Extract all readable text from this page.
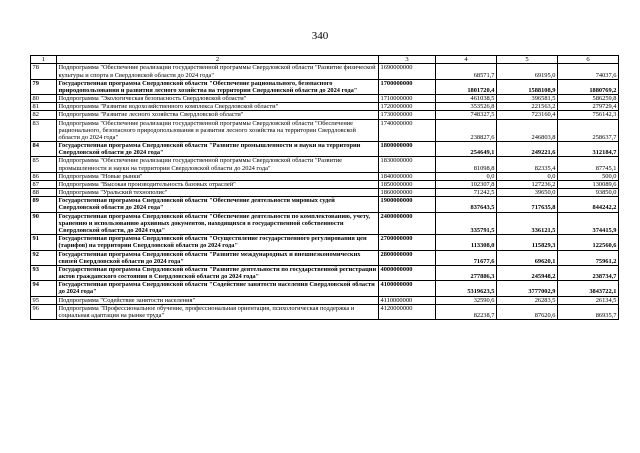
340
1	2	3	4	5	6
78	Подпрограмма "Обеспечение реализации государственной программы Свердловской области "Развитие физической культуры и спорта в Свердловской области до 2024 года"	1690000000	68571,7	69195,0	74037,6
79	Государственная программа Свердловской области "Обеспечение рационального, безопасного природопользования и развития лесного хозяйства на территории Свердловской области до 2024 года"	1700000000	1801720,4	1588108,9	1880769,2
80	Подпрограмма "Экологическая безопасность Свердловской области"	1710000000	461038,5	396581,5	586259,8
81	Подпрограмма "Развитие водохозяйственного комплекса Свердловской области"	1720000000	353526,8	221563,2	279729,4
82	Подпрограмма "Развитие лесного хозяйства Свердловской области"	1730000000	748327,5	723160,4	756142,3
83	Подпрограмма "Обеспечение реализации государственной программы Свердловской области "Обеспечение рационального, безопасного природопользования и развития лесного хозяйства на территории Свердловской области до 2024 года"	1740000000	238827,6	246803,8	258637,7
84	Государственная программа Свердловской области "Развитие промышленности и науки на территории Свердловской области до 2024 года"	1800000000	254649,1	249221,6	312184,7
85	Подпрограмма "Обеспечение реализации государственной программы Свердловской области "Развитие промышленности и науки на территории Свердловской области до 2024 года"	1830000000	81098,8	82335,4	87745,1
86	Подпрограмма "Новые рынки"	1840000000	0,0	0,0	500,0
87	Подпрограмма "Высокая производительность базовых отраслей"	1850000000	102307,8	127236,2	130089,6
88	Подпрограмма "Уральский технополис"	1860000000	71242,5	39650,0	93850,0
89	Государственная программа Свердловской области "Обеспечение деятельности мировых судей Свердловской области до 2024 года"	1900000000	837643,5	717635,8	844242,2
90	Государственная программа Свердловской области "Обеспечение деятельности по комплектованию, учету, хранению и использованию архивных документов, находящихся в государственной собственности Свердловской области, до 2024 года"	2400000000	335791,5	336121,5	374415,9
91	Государственная программа Свердловской области "Осуществление государственного регулирования цен (тарифов) на территории Свердловской области до 2024 года"	2700000000	113308,0	115829,3	122560,6
92	Государственная программа Свердловской области "Развитие международных и внешнеэкономических связей Свердловской области до 2024 года"	2800000000	71677,6	69620,1	75961,2
93	Государственная программа Свердловской области "Развитие деятельности по государственной регистрации актов гражданского состояния в Свердловской области до 2024 года"	4000000000	277886,3	245948,2	238734,7
94	Государственная программа Свердловской области "Содействие занятости населения Свердловской области до 2024 года"	4100000000	5319623,5	3777002,9	3843722,1
95	Подпрограмма "Содействие занятости населения"	4110000000	32590,6	26283,5	26134,5
96	Подпрограмма "Профессиональное обучение, профессиональная ориентация, психологическая поддержка и социальная адаптация на рынке труда"	4120000000	82238,7	87620,6	86935,7
